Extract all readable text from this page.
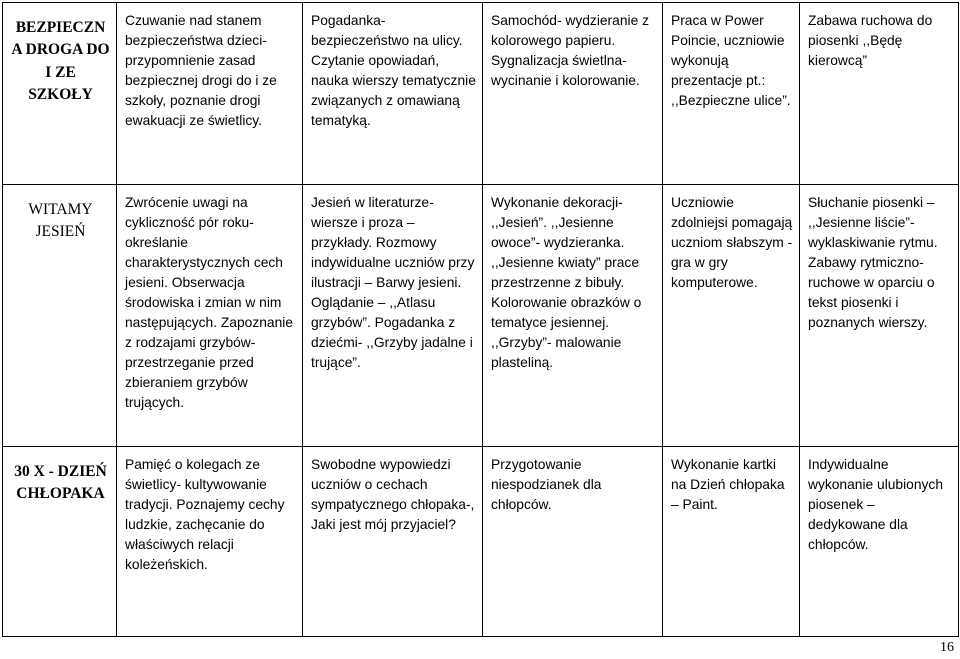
BEZPIECZNA DROGA DO I ZE SZKOŁY	Czuwanie nad stanem bezpieczeństwa dzieci- przypomnienie zasad bezpiecznej drogi do i ze szkoły, poznanie drogi ewakuacji ze świetlicy.	Pogadanka- bezpieczeństwo na ulicy. Czytanie opowiadań, nauka wierszy tematycznie związanych z omawianą tematyką.	Samochód- wydzieranie z kolorowego papieru. Sygnalizacja świetlna- wycinanie i kolorowanie.	Praca w Power Poincie, uczniowie wykonują prezentacje pt.: ,,Bezpieczne ulice”.	Zabawa ruchowa do piosenki ,,Będę kierowcą”
WITAMY JESIEŃ	Zwrócenie uwagi na cykliczność pór roku- określanie charakterystycznych cech jesieni. Obserwacja środowiska i zmian w nim następujących. Zapoznanie z rodzajami grzybów- przestrzeganie przed zbieraniem grzybów trujących.	Jesień w literaturze- wiersze i proza – przykłady. Rozmowy indywidualne uczniów przy ilustracji – Barwy jesieni. Oglądanie – ,,Atlasu grzybów”. Pogadanka z dziećmi- ,,Grzyby jadalne i trujące”.	Wykonanie dekoracji- ,,Jesień”. ,,Jesienne owoce”- wydzieranka. ,,Jesienne kwiaty” prace przestrzenne z bibuły. Kolorowanie obrazków o tematyce jesiennej. ,,Grzyby”- malowanie plasteliną.	Uczniowie zdolniejsi pomagają uczniom słabszym - gra w gry komputerowe.	Słuchanie piosenki – ,,Jesienne liście”- wyklaskiwanie rytmu. Zabawy rytmiczno- ruchowe w oparciu o tekst piosenki i poznanych wierszy.
30 X - DZIEŃ CHŁOPAKA	Pamięć o kolegach ze świetlicy- kultywowanie tradycji. Poznajemy cechy ludzkie, zachęcanie do właściwych relacji koleżeńskich.	Swobodne wypowiedzi uczniów o cechach sympatycznego chłopaka-, Jaki jest mój przyjaciel?	Przygotowanie niespodzianek dla chłopców.	Wykonanie kartki na Dzień chłopaka – Paint.	Indywidualne wykonanie ulubionych piosenek – dedykowane dla chłopców.
16
